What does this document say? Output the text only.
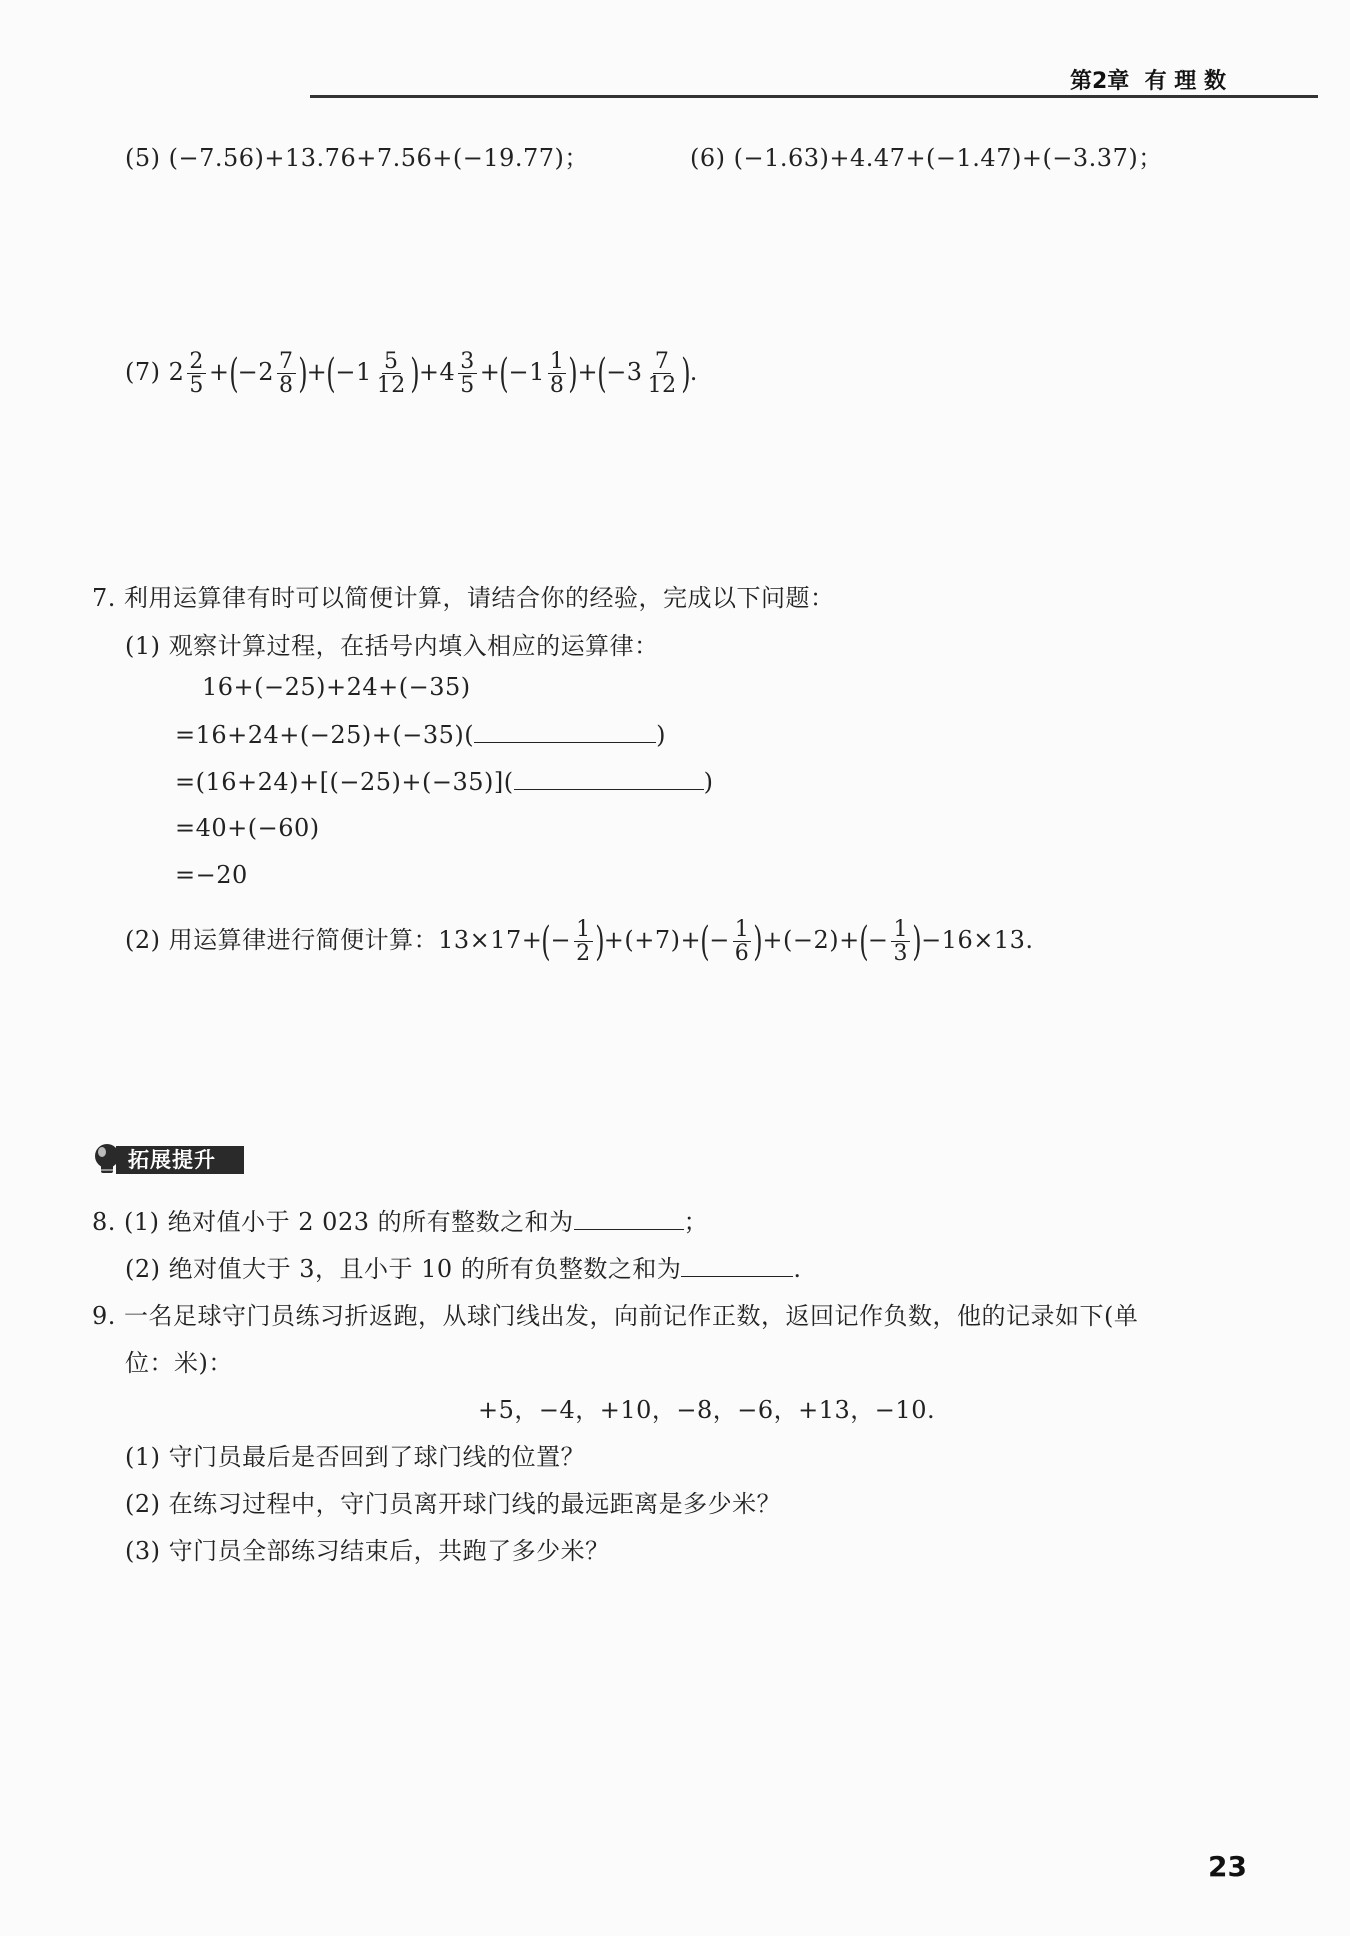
第2章 有 理 数
(5) (−7.56)+13.76+7.56+(−19.77)；	(6) (−1.63)+4.47+(−1.47)+(−3.37)；
(7) $2 \frac{2}{5} +(-2 \frac{7}{8} )+(-1 \frac{5}{12} )+4 \frac{3}{5} +(-1 \frac{1}{8} )+(-3 \frac{7}{12}$ ).
7. 利用运算律有时可以简便计算，请结合你的经验，完成以下问题：
(1) 观察计算过程，在括号内填入相应的运算律：
16+(−25)+24+(−35)
=16+24+(−25)+(−35)(	)
=(16+24)+[(−25)+(−35)](	)
=40+(−60)
=−20
(2) 用运算律进行简便计算：$13\times 17+(- \frac{1}{2} )+(+7)+(- \frac{1}{6} )+(-2)+(- \frac{1}{3} )-16\times 13$.
拓展提升
8. (1) 绝对值小于 2 023 的所有整数之和为	；
(2) 绝对值大于 3，且小于 10 的所有负整数之和为	.
9. 一名足球守门员练习折返跑，从球门线出发，向前记作正数，返回记作负数，他的记录如下(单
位：米)：
+5，−4，+10，−8，−6，+13，−10.
(1) 守门员最后是否回到了球门线的位置？
(2) 在练习过程中，守门员离开球门线的最远距离是多少米？
(3) 守门员全部练习结束后，共跑了多少米？
23
